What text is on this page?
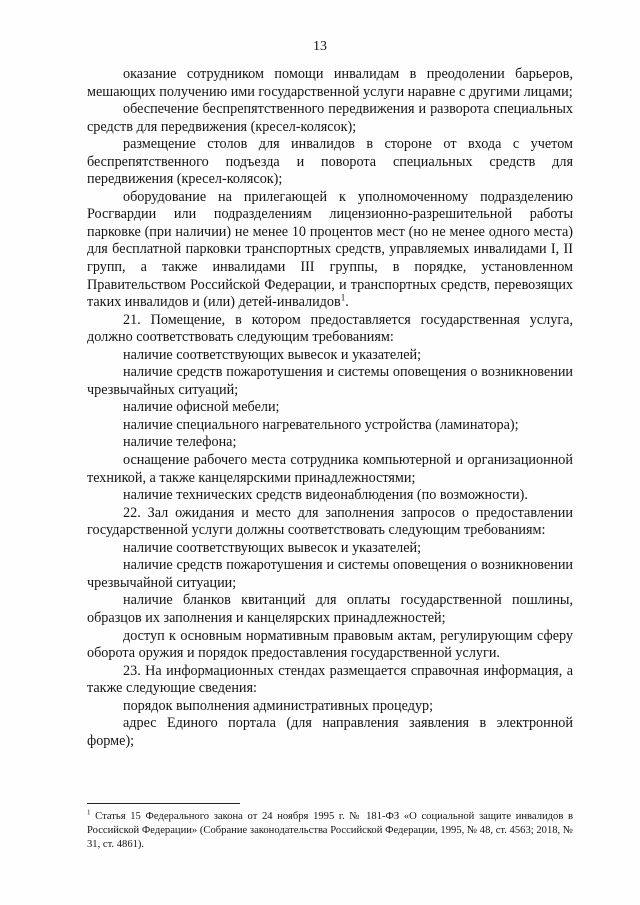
13

оказание сотрудником помощи инвалидам в преодолении барьеров, мешающих получению ими государственной услуги наравне с другими лицами;

обеспечение беспрепятственного передвижения и разворота специальных средств для передвижения (кресел-колясок);

размещение столов для инвалидов в стороне от входа с учетом беспрепятственного подъезда и поворота специальных средств для передвижения (кресел-колясок);

оборудование на прилегающей к уполномоченному подразделению Росгвардии или подразделениям лицензионно-разрешительной работы парковке (при наличии) не менее 10 процентов мест (но не менее одного места) для бесплатной парковки транспортных средств, управляемых инвалидами I, II групп, а также инвалидами III группы, в порядке, установленном Правительством Российской Федерации, и транспортных средств, перевозящих таких инвалидов и (или) детей-инвалидов$^1$.

21. Помещение, в котором предоставляется государственная услуга, должно соответствовать следующим требованиям:

наличие соответствующих вывесок и указателей;

наличие средств пожаротушения и системы оповещения о возникновении чрезвычайных ситуаций;

наличие офисной мебели;

наличие специального нагревательного устройства (ламинатора);

наличие телефона;

оснащение рабочего места сотрудника компьютерной и организационной техникой, а также канцелярскими принадлежностями;

наличие технических средств видеонаблюдения (по возможности).

22. Зал ожидания и место для заполнения запросов о предоставлении государственной услуги должны соответствовать следующим требованиям:

наличие соответствующих вывесок и указателей;

наличие средств пожаротушения и системы оповещения о возникновении чрезвычайной ситуации;

наличие бланков квитанций для оплаты государственной пошлины, образцов их заполнения и канцелярских принадлежностей;

доступ к основным нормативным правовым актам, регулирующим сферу оборота оружия и порядок предоставления государственной услуги.

23. На информационных стендах размещается справочная информация, а также следующие сведения:

порядок выполнения административных процедур;

адрес Единого портала (для направления заявления в электронной форме);

$^1$ Статья 15 Федерального закона от 24 ноября 1995 г. № 181-ФЗ «О социальной защите инвалидов в Российской Федерации» (Собрание законодательства Российской Федерации, 1995, № 48, ст. 4563; 2018, № 31, ст. 4861).
